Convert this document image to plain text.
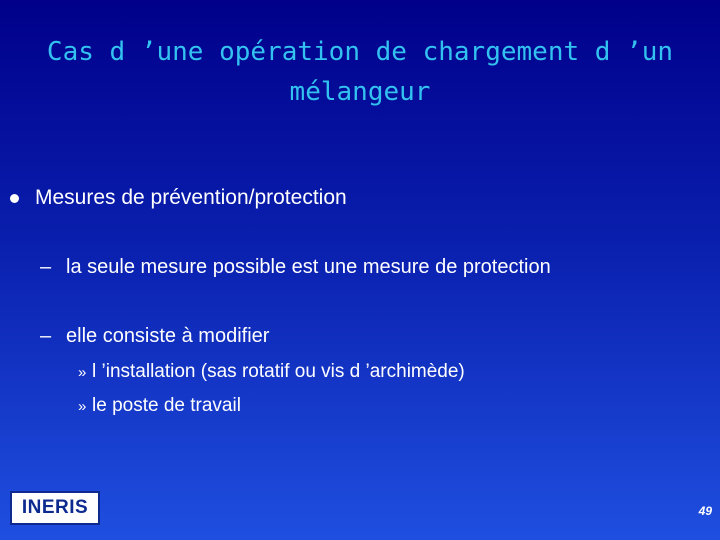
Cas d ’une opération de chargement d ’un
mélangeur
Mesures de prévention/protection
– la seule mesure possible est une mesure de protection
– elle consiste à modifier
» l ’installation (sas rotatif ou vis d ’archimède)
» le poste de travail
INERIS	49
